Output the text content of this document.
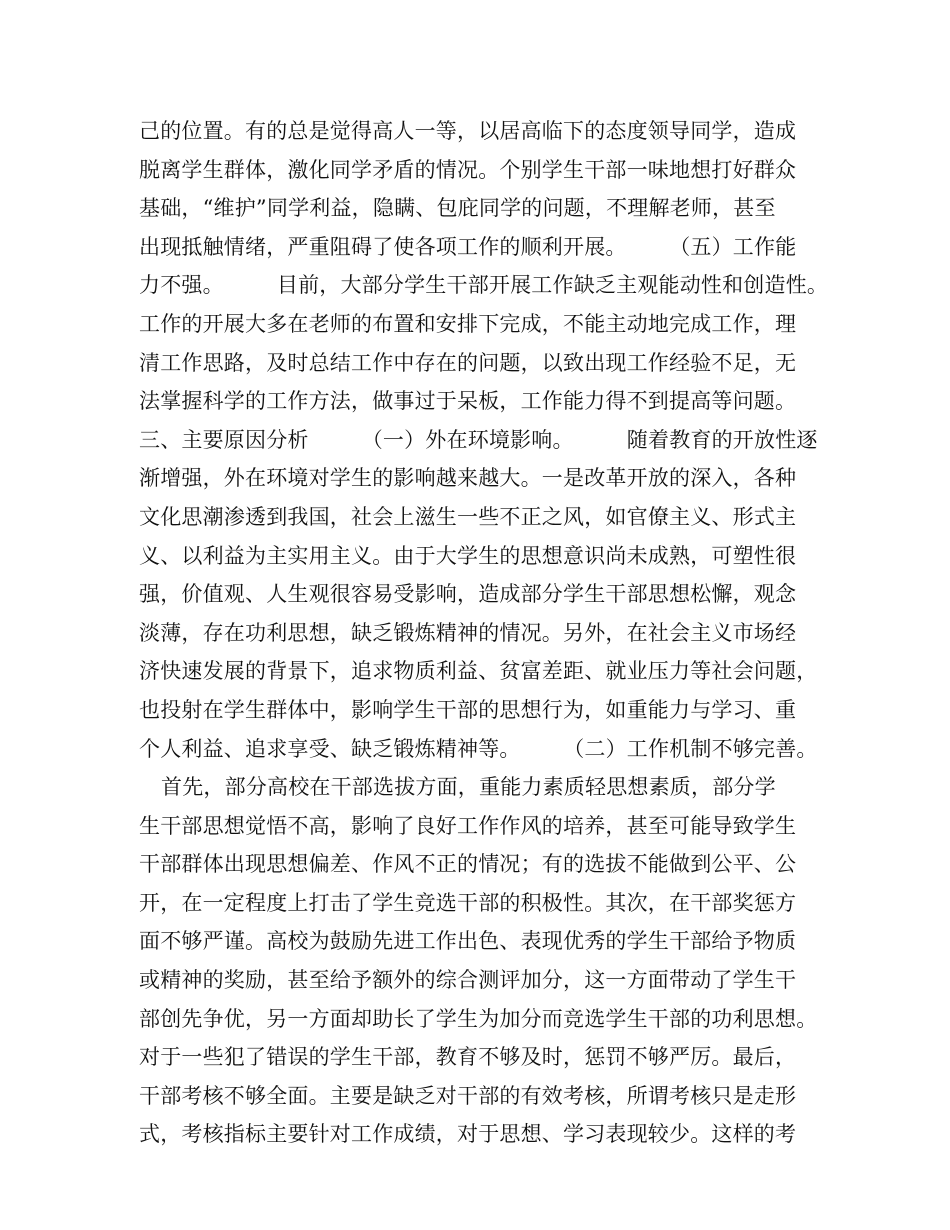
己的位置。有的总是觉得高人一等，以居高临下的态度领导同学，造成
脱离学生群体，激化同学矛盾的情况。个别学生干部一味地想打好群众
基础，“维护”同学利益，隐瞒、包庇同学的问题，不理解老师，甚至
出现抵触情绪，严重阻碍了使各项工作的顺利开展。　　　（五）工作能
力不强。　　　目前，大部分学生干部开展工作缺乏主观能动性和创造性。
工作的开展大多在老师的布置和安排下完成，不能主动地完成工作，理
清工作思路，及时总结工作中存在的问题，以致出现工作经验不足，无
法掌握科学的工作方法，做事过于呆板，工作能力得不到提高等问题。
三、主要原因分析　　　（一）外在环境影响。　　　随着教育的开放性逐
渐增强，外在环境对学生的影响越来越大。一是改革开放的深入，各种
文化思潮渗透到我国，社会上滋生一些不正之风，如官僚主义、形式主
义、以利益为主实用主义。由于大学生的思想意识尚未成熟，可塑性很
强，价值观、人生观很容易受影响，造成部分学生干部思想松懈，观念
淡薄，存在功利思想，缺乏锻炼精神的情况。另外，在社会主义市场经
济快速发展的背景下，追求物质利益、贫富差距、就业压力等社会问题，
也投射在学生群体中，影响学生干部的思想行为，如重能力与学习、重
个人利益、追求享受、缺乏锻炼精神等。　　　（二）工作机制不够完善。
首先，部分高校在干部选拔方面，重能力素质轻思想素质，部分学
生干部思想觉悟不高，影响了良好工作作风的培养，甚至可能导致学生
干部群体出现思想偏差、作风不正的情况；有的选拔不能做到公平、公
开，在一定程度上打击了学生竞选干部的积极性。其次，在干部奖惩方
面不够严谨。高校为鼓励先进工作出色、表现优秀的学生干部给予物质
或精神的奖励，甚至给予额外的综合测评加分，这一方面带动了学生干
部创先争优，另一方面却助长了学生为加分而竞选学生干部的功利思想。
对于一些犯了错误的学生干部，教育不够及时，惩罚不够严厉。最后，
干部考核不够全面。主要是缺乏对干部的有效考核，所谓考核只是走形
式，考核指标主要针对工作成绩，对于思想、学习表现较少。这样的考
